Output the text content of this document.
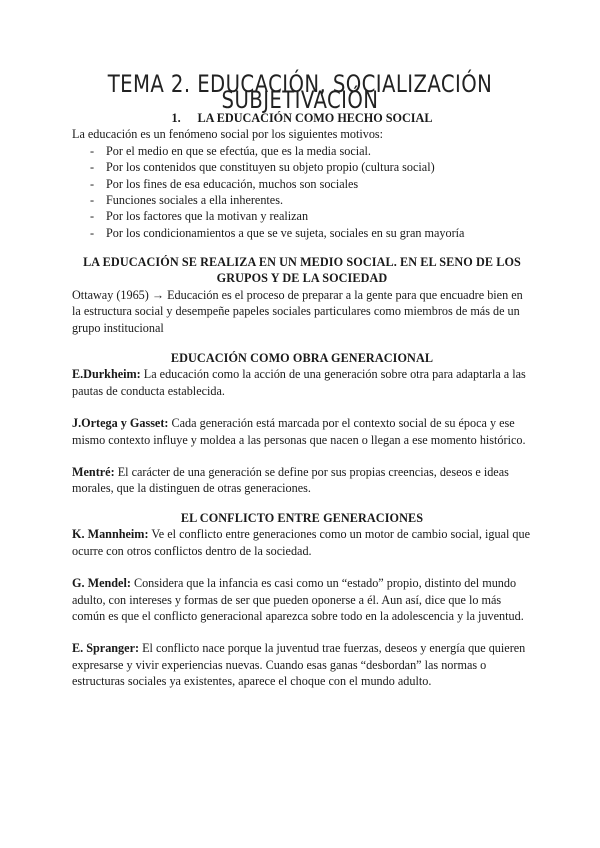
TEMA 2. EDUCACIÓN, SOCIALIZACIÓN SUBJETIVACIÓN
1. LA EDUCACIÓN COMO HECHO SOCIAL

La educación es un fenómeno social por los siguientes motivos:

- Por el medio en que se efectúa, que es la media social.
- Por los contenidos que constituyen su objeto propio (cultura social)
- Por los fines de esa educación, muchos son sociales
- Funciones sociales a ella inherentes.
- Por los factores que la motivan y realizan
- Por los condicionamientos a que se ve sujeta, sociales en su gran mayoría
LA EDUCACIÓN SE REALIZA EN UN MEDIO SOCIAL. EN EL SENO DE LOS
GRUPOS Y DE LA SOCIEDAD

Ottaway (1965) → Educación es el proceso de preparar a la gente para que encuadre bien en la estructura social y desempeñe papeles sociales particulares como miembros de más de un grupo institucional

EDUCACIÓN COMO OBRA GENERACIONAL

E.Durkheim: La educación como la acción de una generación sobre otra para adaptarla a las pautas de conducta establecida.

J.Ortega y Gasset: Cada generación está marcada por el contexto social de su época y ese mismo contexto influye y moldea a las personas que nacen o llegan a ese momento histórico.

Mentré: El carácter de una generación se define por sus propias creencias, deseos e ideas morales, que la distinguen de otras generaciones.

EL CONFLICTO ENTRE GENERACIONES

K. Mannheim: Ve el conflicto entre generaciones como un motor de cambio social, igual que ocurre con otros conflictos dentro de la sociedad.

G. Mendel: Considera que la infancia es casi como un “estado” propio, distinto del mundo adulto, con intereses y formas de ser que pueden oponerse a él. Aun así, dice que lo más común es que el conflicto generacional aparezca sobre todo en la adolescencia y la juventud.

E. Spranger: El conflicto nace porque la juventud trae fuerzas, deseos y energía que quieren expresarse y vivir experiencias nuevas. Cuando esas ganas “desbordan” las normas o estructuras sociales ya existentes, aparece el choque con el mundo adulto.
